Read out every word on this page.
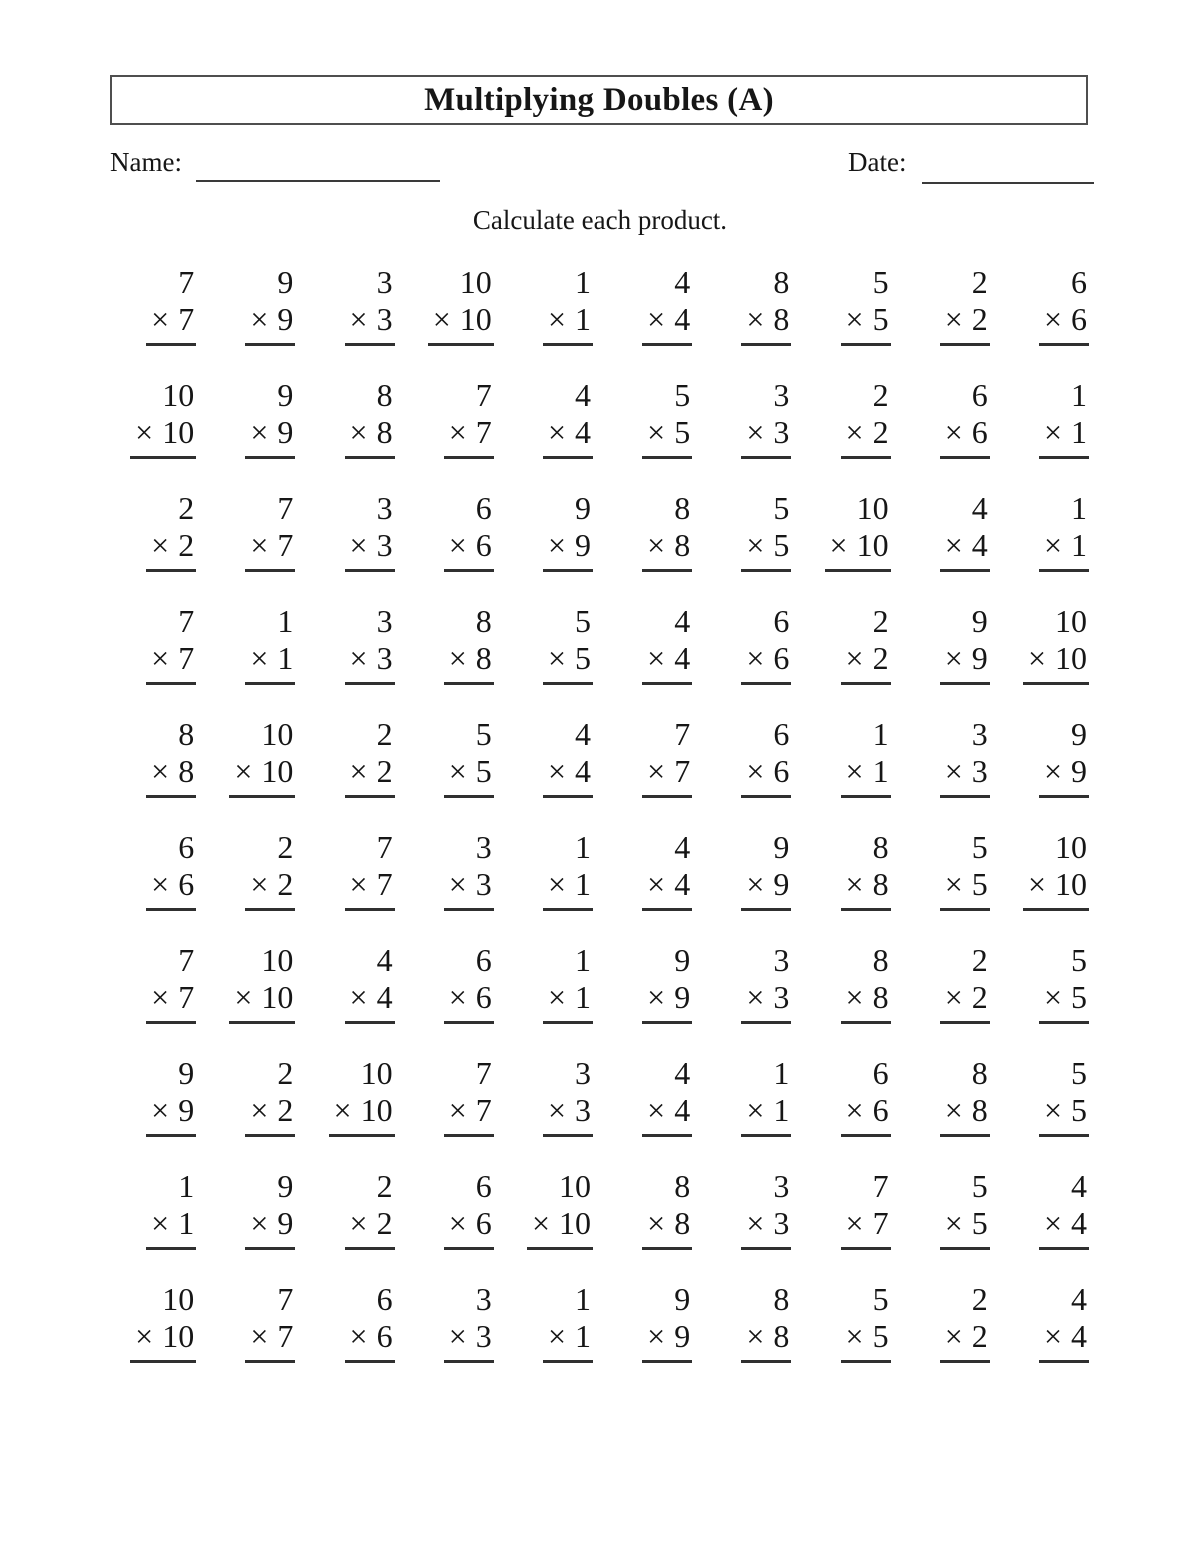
Multiplying Doubles (A)
Name:	Date:
Calculate each product.
7
× 7
9
× 9
3
× 3
10
× 10
1
× 1
4
× 4
8
× 8
5
× 5
2
× 2
6
× 6
10
× 10
9
× 9
8
× 8
7
× 7
4
× 4
5
× 5
3
× 3
2
× 2
6
× 6
1
× 1
2
× 2
7
× 7
3
× 3
6
× 6
9
× 9
8
× 8
5
× 5
10
× 10
4
× 4
1
× 1
7
× 7
1
× 1
3
× 3
8
× 8
5
× 5
4
× 4
6
× 6
2
× 2
9
× 9
10
× 10
8
× 8
10
× 10
2
× 2
5
× 5
4
× 4
7
× 7
6
× 6
1
× 1
3
× 3
9
× 9
6
× 6
2
× 2
7
× 7
3
× 3
1
× 1
4
× 4
9
× 9
8
× 8
5
× 5
10
× 10
7
× 7
10
× 10
4
× 4
6
× 6
1
× 1
9
× 9
3
× 3
8
× 8
2
× 2
5
× 5
9
× 9
2
× 2
10
× 10
7
× 7
3
× 3
4
× 4
1
× 1
6
× 6
8
× 8
5
× 5
1
× 1
9
× 9
2
× 2
6
× 6
10
× 10
8
× 8
3
× 3
7
× 7
5
× 5
4
× 4
10
× 10
7
× 7
6
× 6
3
× 3
1
× 1
9
× 9
8
× 8
5
× 5
2
× 2
4
× 4
